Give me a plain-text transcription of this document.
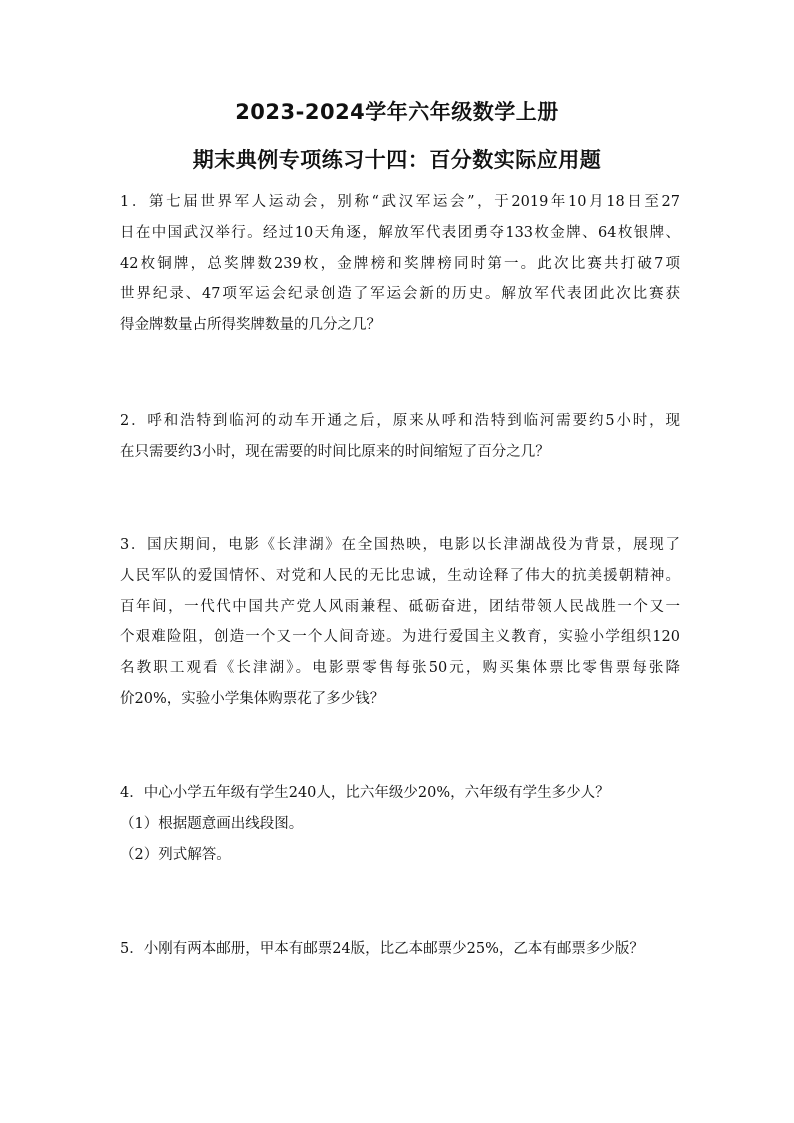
2023-2024学年六年级数学上册
期末典例专项练习十四：百分数实际应用题
1．第七届世界军人运动会，别称“武汉军运会”，于2019年10月18日至27
日在中国武汉举行。经过10天角逐，解放军代表团勇夺133枚金牌、64枚银牌、
42枚铜牌，总奖牌数239枚，金牌榜和奖牌榜同时第一。此次比赛共打破7项
世界纪录、47项军运会纪录创造了军运会新的历史。解放军代表团此次比赛获
得金牌数量占所得奖牌数量的几分之几？
2．呼和浩特到临河的动车开通之后，原来从呼和浩特到临河需要约5小时，现
在只需要约3小时，现在需要的时间比原来的时间缩短了百分之几？
3．国庆期间，电影《长津湖》在全国热映，电影以长津湖战役为背景，展现了
人民军队的爱国情怀、对党和人民的无比忠诚，生动诠释了伟大的抗美援朝精神。
百年间，一代代中国共产党人风雨兼程、砥砺奋进，团结带领人民战胜一个又一
个艰难险阻，创造一个又一个人间奇迹。为进行爱国主义教育，实验小学组织120
名教职工观看《长津湖》。电影票零售每张50元，购买集体票比零售票每张降
价20%，实验小学集体购票花了多少钱？
4．中心小学五年级有学生240人，比六年级少20%，六年级有学生多少人？
（1）根据题意画出线段图。
（2）列式解答。
5．小刚有两本邮册，甲本有邮票24版，比乙本邮票少25%，乙本有邮票多少版？
